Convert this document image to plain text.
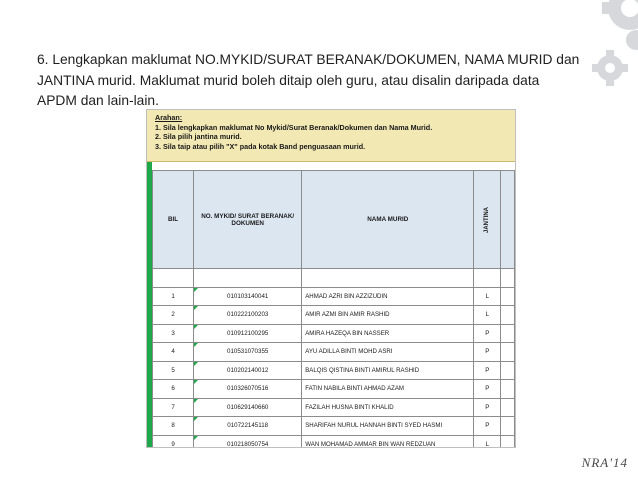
6. Lengkapkan maklumat NO.MYKID/SURAT BERANAK/DOKUMEN, NAMA MURID dan
JANTINA murid. Maklumat murid boleh ditaip oleh guru, atau disalin daripada data
APDM dan lain-lain.
Arahan:
1. Sila lengkapkan maklumat No Mykid/Surat Beranak/Dokumen dan Nama Murid.
2. Sila pilih jantina murid.
3. Sila taip atau pilih "X" pada kotak Band penguasaan murid.
BIL	NO. MYKID/ SURAT BERANAK/ DOKUMEN	NAMA MURID	JANTINA	

1	010103140041	AHMAD AZRI BIN AZZIZUDIN	L	
2	010222100203	AMIR AZMI BIN AMIR RASHID	L	
3	010912100295	AMIRA HAZEQA BIN NASSER	P	
4	010531070355	AYU ADILLA BINTI MOHD ASRI	P	
5	010202140012	BALQIS QISTINA BINTI AMIRUL RASHID	P	
6	010326070516	FATIN NABILA BINTI AHMAD AZAM	P	
7	010629140660	FAZILAH HUSNA BINTI KHALID	P	
8	010722145118	SHARIFAH NURUL HANNAH BINTI SYED HASMI	P	
9	010218050754	WAN MOHAMAD AMMAR BIN WAN REDZUAN	L	
NRA'14
